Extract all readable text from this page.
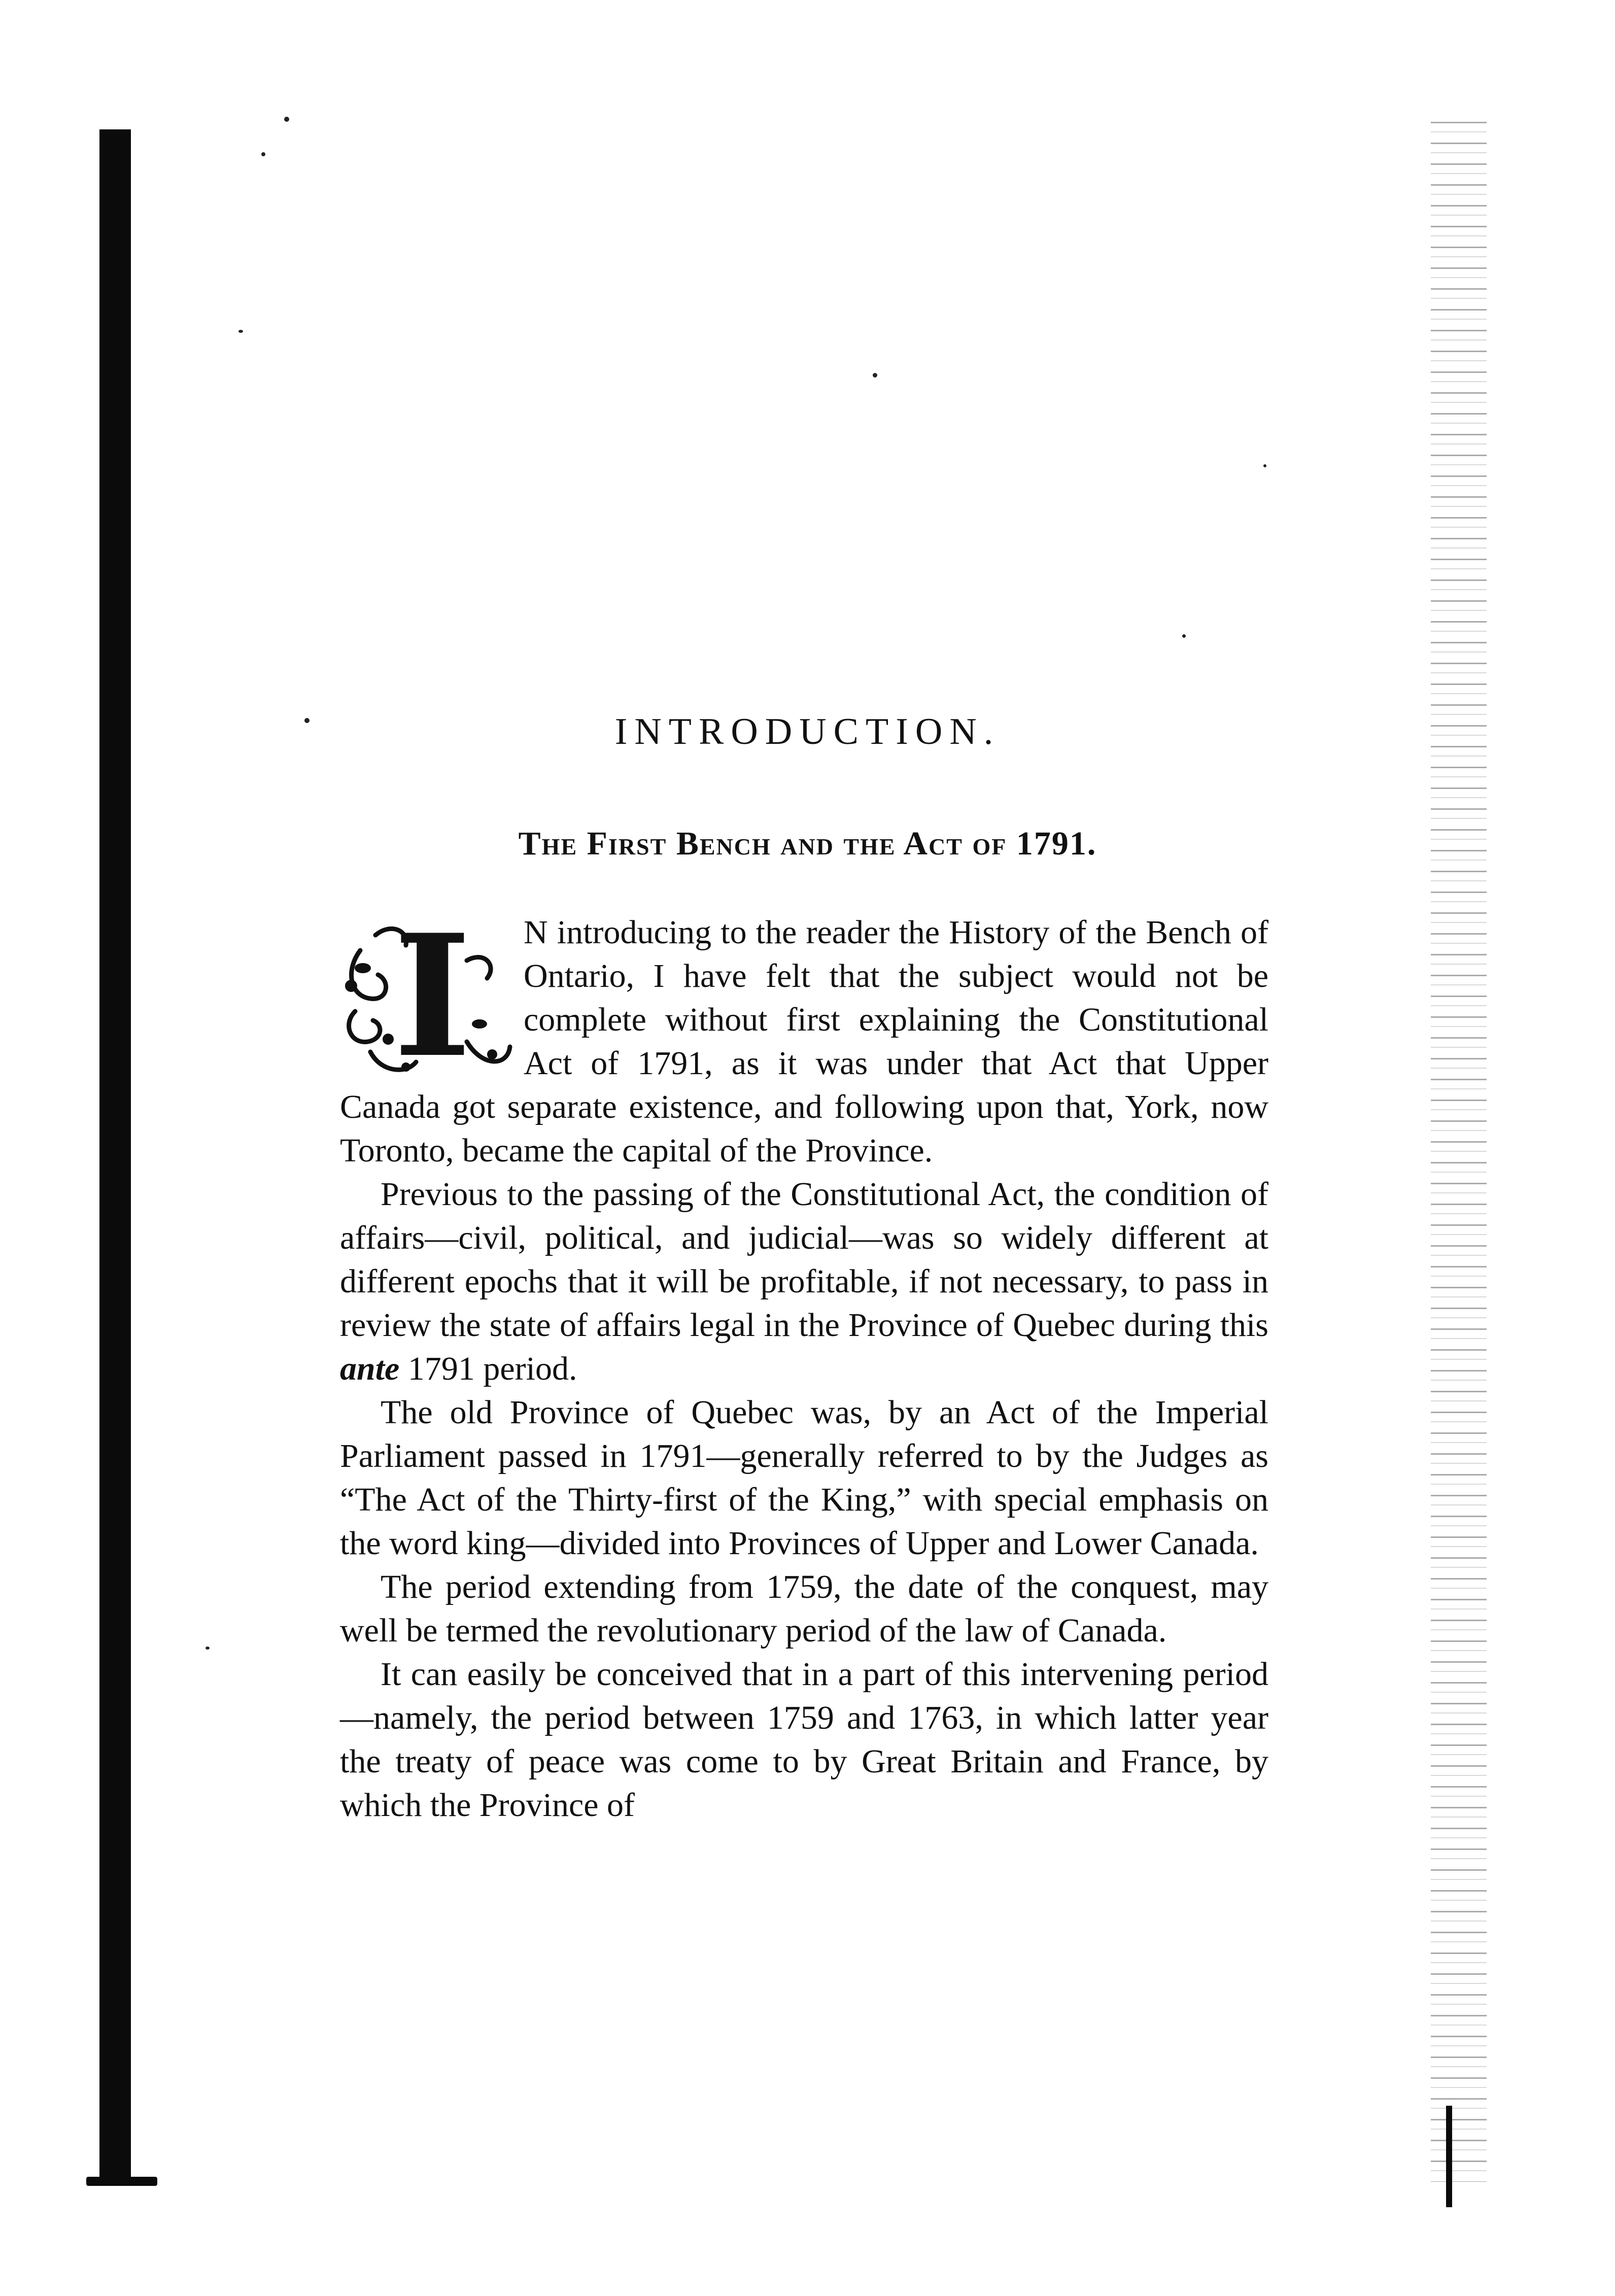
INTRODUCTION.
The First Bench and the Act of 1791.

I N introducing to the reader the History of the Bench of Ontario, I have felt that the subject would not be complete without first explaining the Constitutional Act of 1791, as it was under that Act that Upper Canada got separate existence, and following upon that, York, now Toronto, became the capital of the Province.

Previous to the passing of the Constitutional Act, the condition of affairs—civil, political, and judicial—was so widely different at different epochs that it will be profitable, if not necessary, to pass in review the state of affairs legal in the Province of Quebec during this ante 1791 period.

The old Province of Quebec was, by an Act of the Imperial Parliament passed in 1791—generally referred to by the Judges as “The Act of the Thirty-first of the King,” with special emphasis on the word king—divided into Provinces of Upper and Lower Canada.

The period extending from 1759, the date of the conquest, may well be termed the revolutionary period of the law of Canada.

It can easily be conceived that in a part of this intervening period—namely, the period between 1759 and 1763, in which latter year the treaty of peace was come to by Great Britain and France, by which the Province of
